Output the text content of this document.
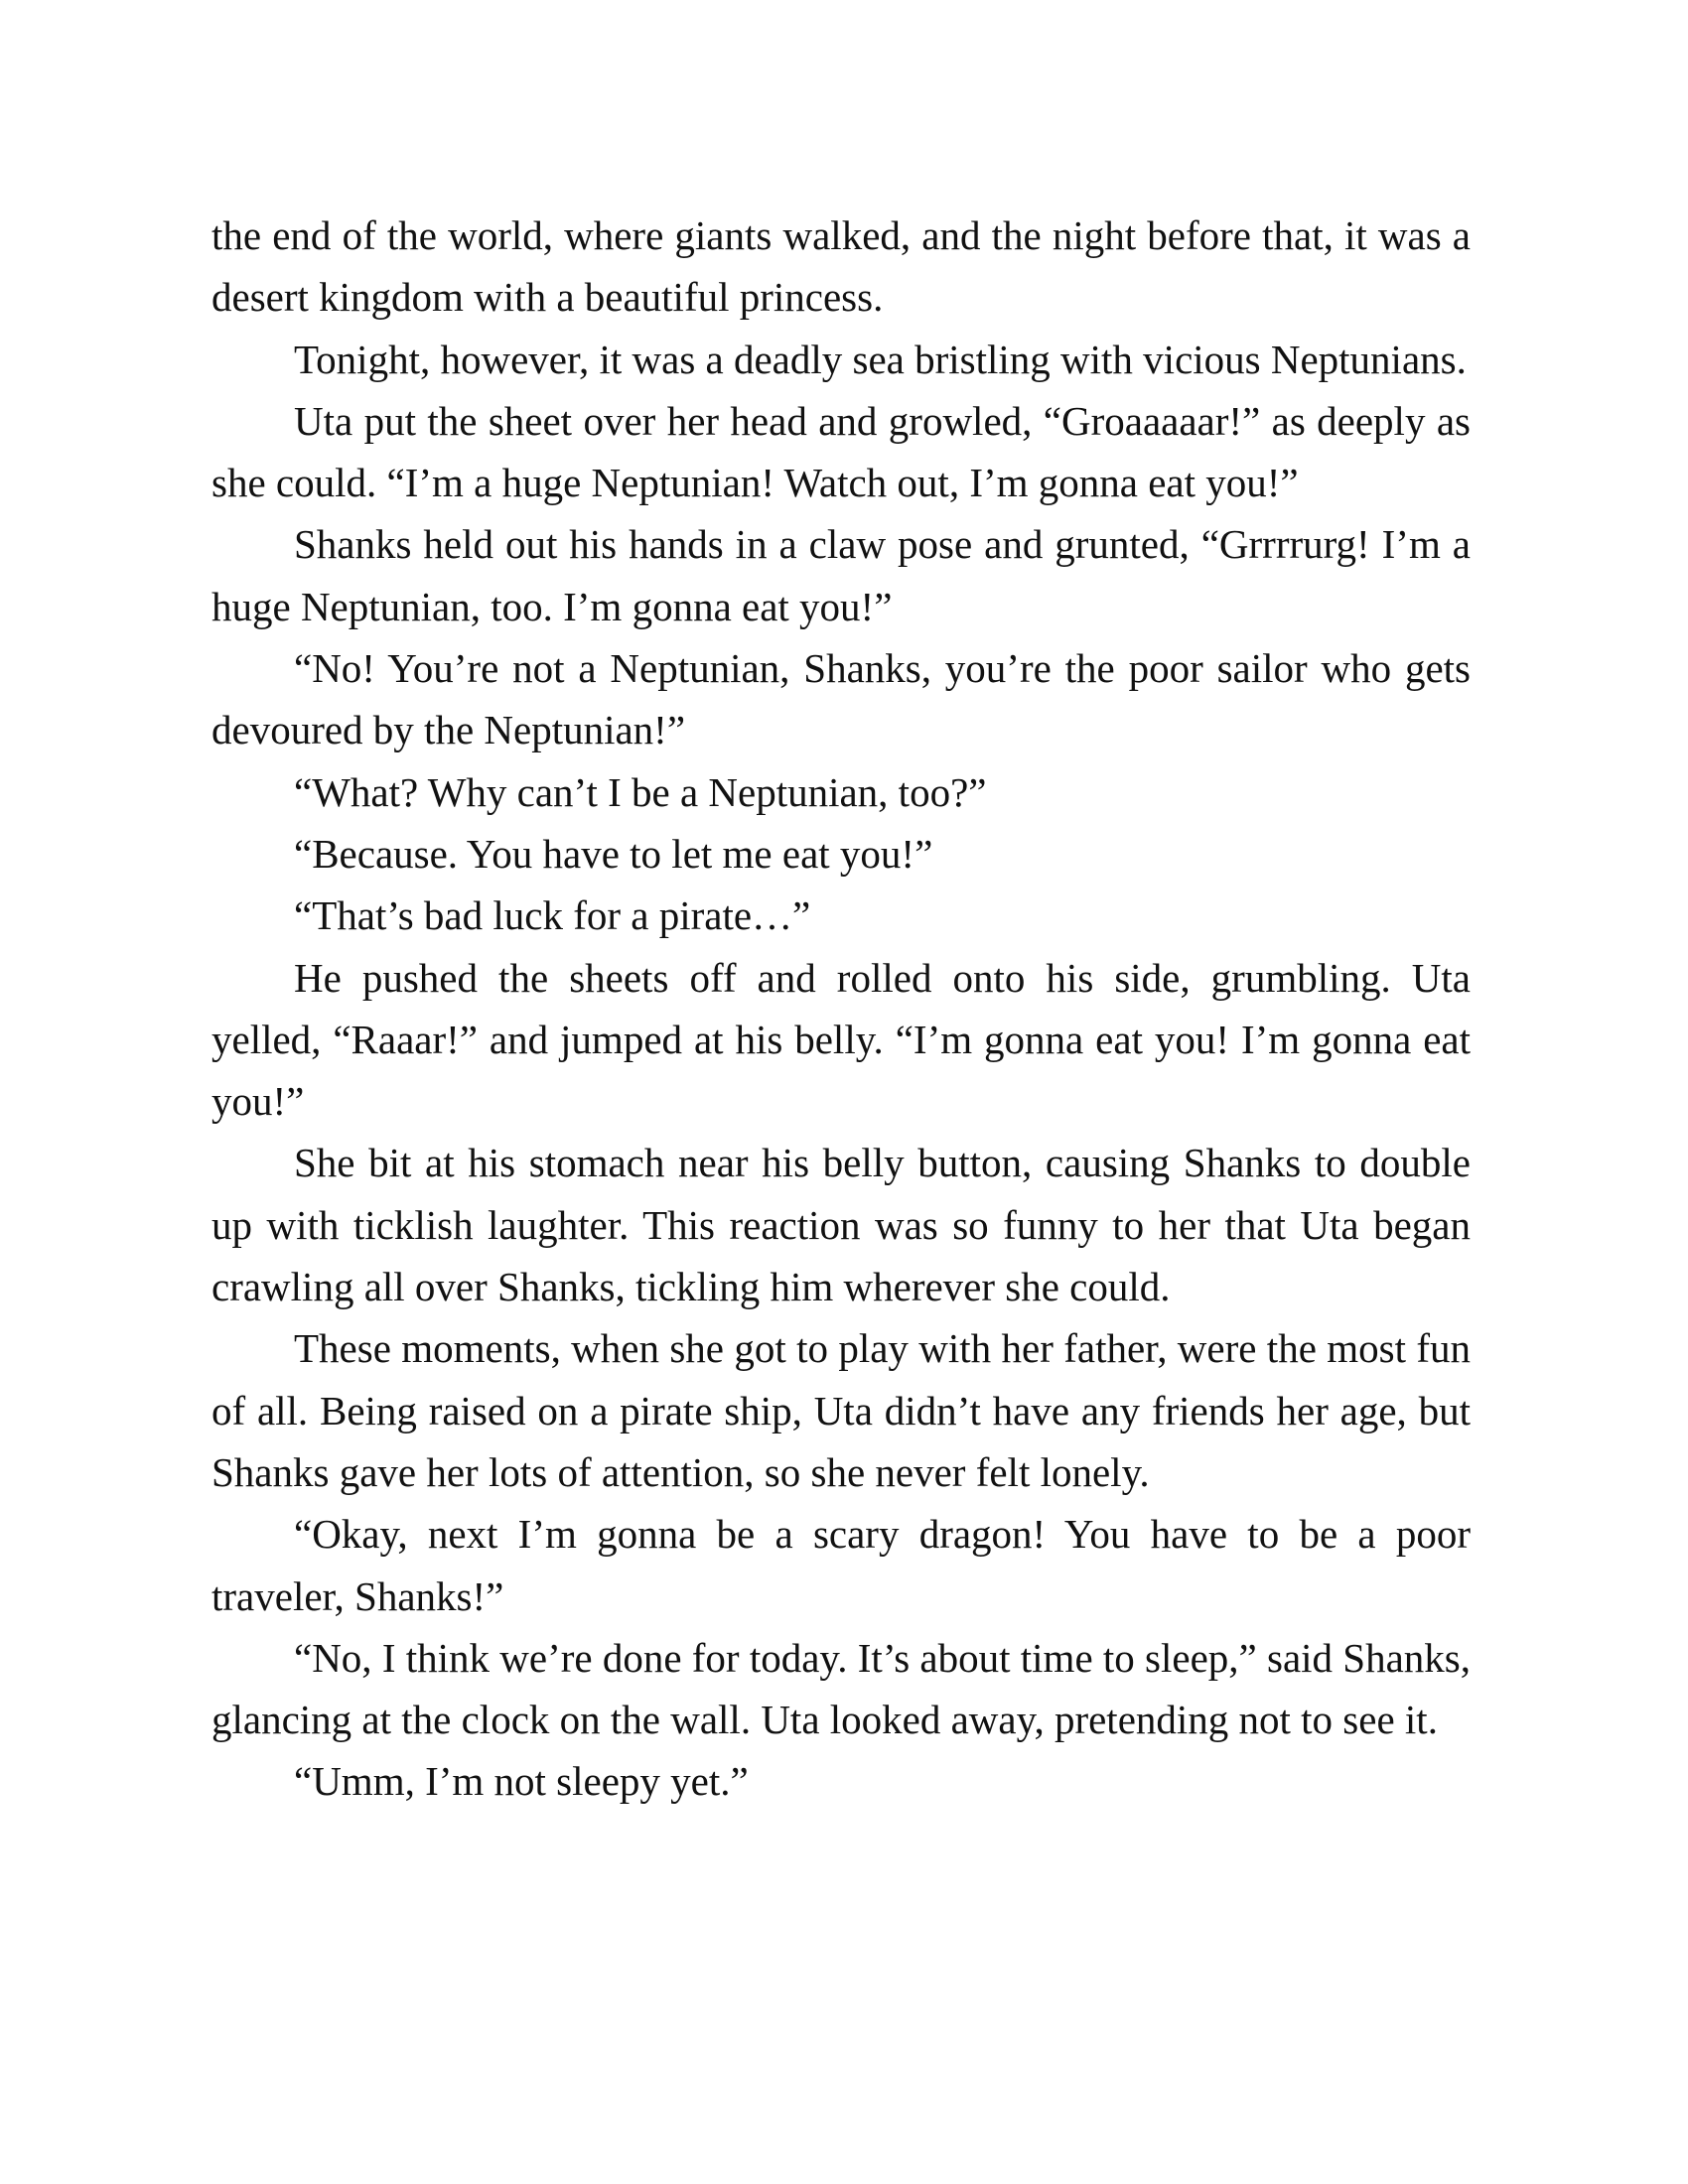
the end of the world, where giants walked, and the night before that, it was a desert kingdom with a beautiful princess.

Tonight, however, it was a deadly sea bristling with vicious Neptunians.

Uta put the sheet over her head and growled, “Groaaaaar!” as deeply as she could. “I’m a huge Neptunian! Watch out, I’m gonna eat you!”

Shanks held out his hands in a claw pose and grunted, “Grrrrurg! I’m a huge Neptunian, too. I’m gonna eat you!”

“No! You’re not a Neptunian, Shanks, you’re the poor sailor who gets devoured by the Neptunian!”

“What? Why can’t I be a Neptunian, too?”

“Because. You have to let me eat you!”

“That’s bad luck for a pirate…”

He pushed the sheets off and rolled onto his side, grumbling. Uta yelled, “Raaar!” and jumped at his belly. “I’m gonna eat you! I’m gonna eat you!”

She bit at his stomach near his belly button, causing Shanks to double up with ticklish laughter. This reaction was so funny to her that Uta began crawling all over Shanks, tickling him wherever she could.

These moments, when she got to play with her father, were the most fun of all. Being raised on a pirate ship, Uta didn’t have any friends her age, but Shanks gave her lots of attention, so she never felt lonely.

“Okay, next I’m gonna be a scary dragon! You have to be a poor traveler, Shanks!”

“No, I think we’re done for today. It’s about time to sleep,” said Shanks, glancing at the clock on the wall. Uta looked away, pretending not to see it.

“Umm, I’m not sleepy yet.”
